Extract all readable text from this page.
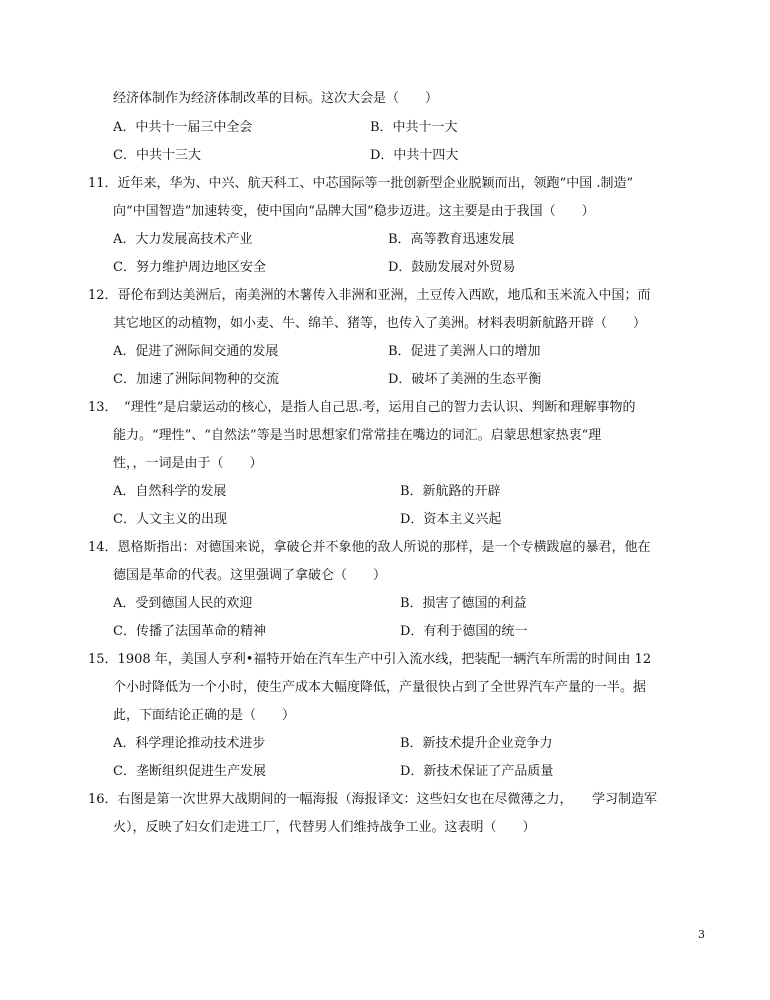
经济体制作为经济体制改革的目标。这次大会是（　　）
A．中共十一届三中全会	B．中共十一大
C．中共十三大	D．中共十四大
11．近年来，华为、中兴、航天科工、中芯国际等一批创新型企业脱颖而出，领跑“中国 .制造”
向“中国智造”加速转变，使中国向“品牌大国”稳步迈进。这主要是由于我国（　　）
A．大力发展高技术产业	B．高等教育迅速发展
C．努力维护周边地区安全	D．鼓励发展对外贸易
12．哥伦布到达美洲后，南美洲的木薯传入非洲和亚洲，土豆传入西欧，地瓜和玉米流入中国；而
其它地区的动植物，如小麦、牛、绵羊、猪等，也传入了美洲。材料表明新航路开辟（　　）
A．促进了洲际间交通的发展	B．促进了美洲人口的增加
C．加速了洲际间物种的交流	D．破坏了美洲的生态平衡
13．　“理性”是启蒙运动的核心，是指人自己思.考，运用自己的智力去认识、判断和理解事物的
能力。“理性”、“自然法”等是当时思想家们常常挂在嘴边的词汇。启蒙思想家热衷“理
性，，一词是由于（　　）
A．自然科学的发展	B．新航路的开辟
C．人文主义的出现	D．资本主义兴起
14．恩格斯指出：对德国来说，拿破仑并不象他的敌人所说的那样，是一个专横跋扈的暴君，他在
德国是革命的代表。这里强调了拿破仑（　　）
A．受到德国人民的欢迎	B．损害了德国的利益
C．传播了法国革命的精神	D．有利于德国的统一
15．1908 年，美国人亨利•福特开始在汽车生产中引入流水线，把装配一辆汽车所需的时间由 12
个小时降低为一个小时，使生产成本大幅度降低，产量很快占到了全世界汽车产量的一半。据
此，下面结论正确的是（　　）
A．科学理论推动技术进步	B．新技术提升企业竞争力
C．垄断组织促进生产发展	D．新技术保证了产品质量
16．右图是第一次世界大战期间的一幅海报（海报译文：这些妇女也在尽微薄之力，　　学习制造军
火），反映了妇女们走进工厂，代替男人们维持战争工业。这表明（　　）
3
